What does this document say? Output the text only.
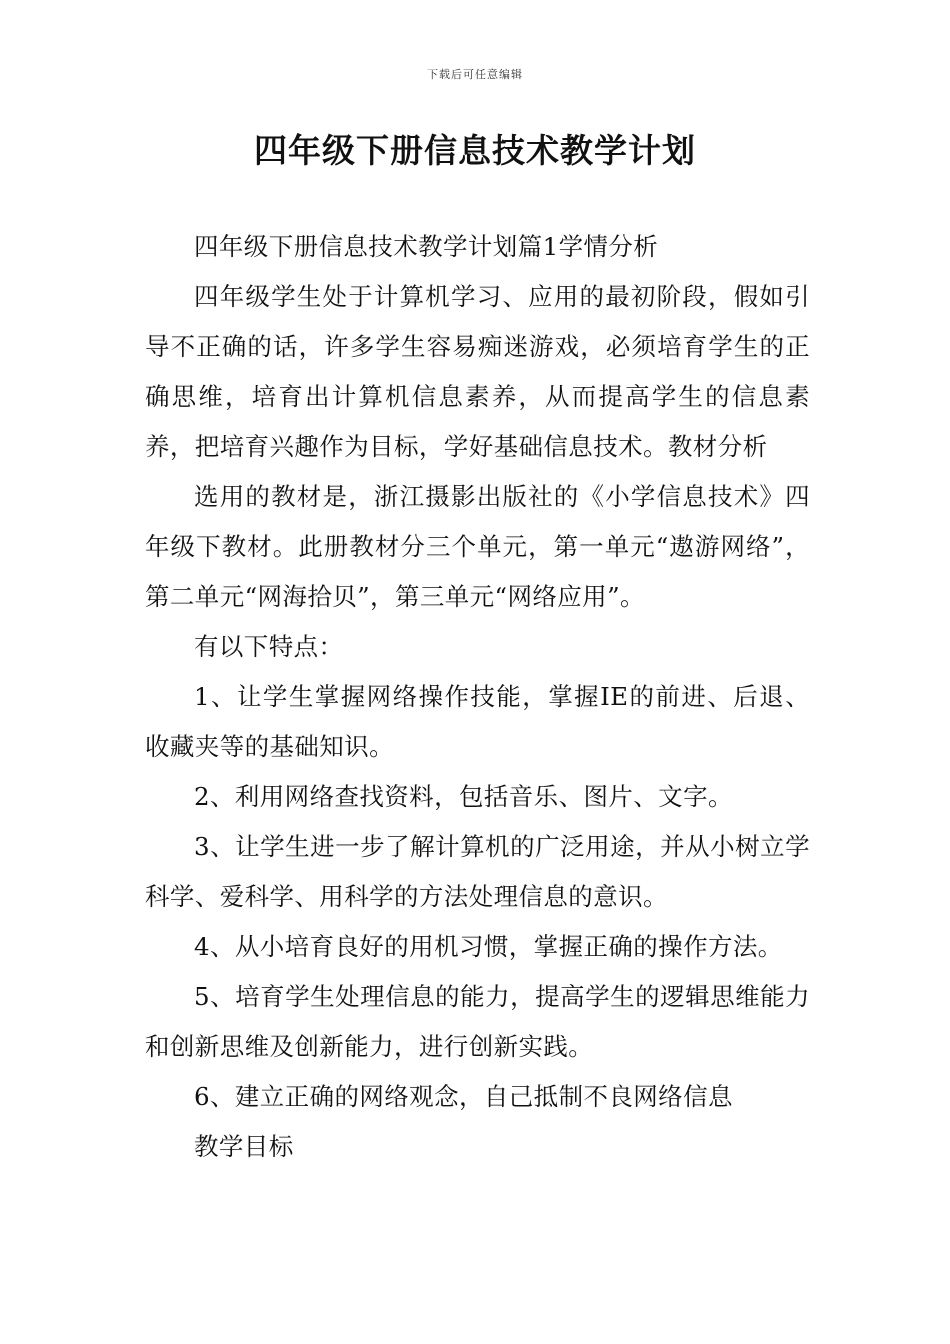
下载后可任意编辑
四年级下册信息技术教学计划

四年级下册信息技术教学计划篇1学情分析

四年级学生处于计算机学习、应用的最初阶段，假如引导不正确的话，许多学生容易痴迷游戏，必须培育学生的正确思维，培育出计算机信息素养，从而提高学生的信息素养，把培育兴趣作为目标，学好基础信息技术。教材分析

选用的教材是，浙江摄影出版社的《小学信息技术》四年级下教材。此册教材分三个单元，第一单元“遨游网络”，第二单元“网海拾贝”，第三单元“网络应用”。

有以下特点：

1、让学生掌握网络操作技能，掌握IE的前进、后退、收藏夹等的基础知识。

2、利用网络查找资料，包括音乐、图片、文字。

3、让学生进一步了解计算机的广泛用途，并从小树立学科学、爱科学、用科学的方法处理信息的意识。

4、从小培育良好的用机习惯，掌握正确的操作方法。

5、培育学生处理信息的能力，提高学生的逻辑思维能力和创新思维及创新能力，进行创新实践。

6、建立正确的网络观念，自己抵制不良网络信息

教学目标
